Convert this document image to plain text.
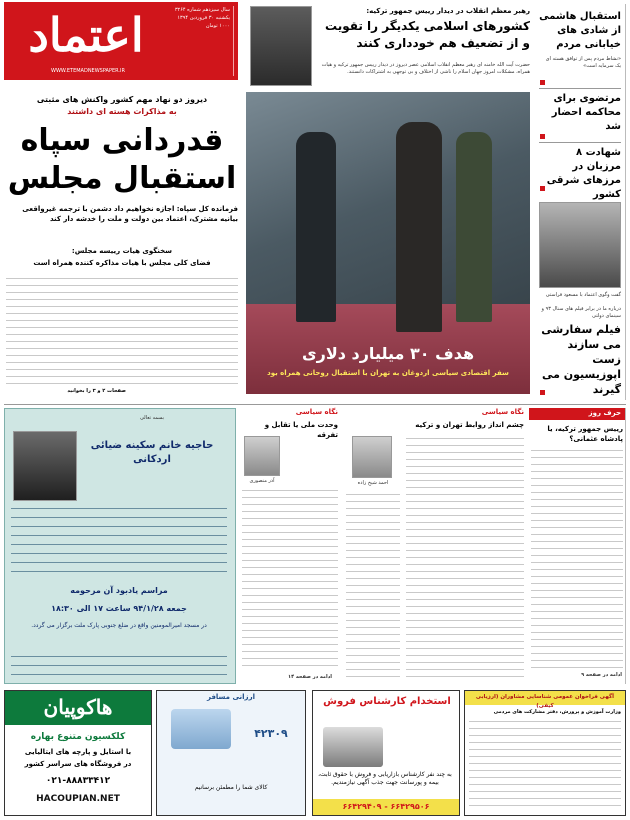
اعتماد	سال سیزدهم شماره ۳۲۶۴ یکشنبه ۳۰ فروردین ۱۳۹۴
۱۰۰۰ تومان
WWW.ETEMADNEWSPAPER.IR
رهبر معظم انقلاب در دیدار رییس جمهور ترکیه:
کشورهای اسلامی یکدیگر را تقویت و از تضعیف هم خودداری کنند
حضرت آیت الله خامنه ای رهبر معظم انقلاب اسلامی عصر دیروز در دیدار رییس جمهور ترکیه و هیات همراه، مشکلات امروز جهان اسلام را ناشی از اختلاف و بی توجهی به اشتراکات دانستند.
استقبال هاشمی از شادی های خیابانی مردم
«نشاط مردم پس از توافق هسته ای یک سرمایه است»
مرتضوی برای محاکمه احضار شد
شهادت ۸ مرزبان در مرزهای شرقی کشور
گفت وگوی اعتماد با مسعود فراستی
درباره ما در برابر فیلم های سنال ۹۳ و سینمای دولتی
فیلم سفارشی می سازند زست اپوزیسیون می گیرند
دیروز دو نهاد مهم کشور واکنش های مثبتی
به مذاکرات هسته ای داشتند
قدردانی سپاه استقبال مجلس
فرمانده کل سپاه: اجازه نخواهیم داد دشمن با ترجمه غیرواقعی بیانیه مشترک، اعتماد بین دولت و ملت را خدشه دار کند
سخنگوی هیات رییسه مجلس:
فضای کلی مجلس با هیات مذاکره کننده همراه است
صفحات ۲ و ۳ را بخوانید
هدف ۳۰ میلیارد دلاری
سفر اقتصادی سیاسی اردوغان به تهران با استقبال روحانی همراه بود
بسمه تعالی
حاجیه خانم سکینه ضیائی اردکانی
مراسم یادبود آن مرحومه
جمعه ۹۴/۱/۲۸ ساعت ۱۷ الی ۱۸:۳۰
در مسجد امیرالمومنین واقع در ضلع جنوبی پارک ملت برگزار می گردد.
نگاه سیاسی
وحدت ملی یا تقابل و تفرقه
آذر منصوری
ادامه در صفحه ۱۴
نگاه سیاسی
چشم انداز روابط تهران و ترکیه
احمد شیخ زاده
حرف روز
رییس جمهور ترکیه، یا پادشاه عثمانی؟
ادامه در صفحه ۹
هاکوپیان
کلکسیون متنوع بهاره
با استایل و پارچه های ایتالیایی
در فروشگاه های سراسر کشور
۰۲۱-۸۸۸۳۳۴۱۲
HACOUPIAN.NET
ارزانی مسافر
۴۲۳۰۹
کالای شما را مطمئن برسانیم
استخدام کارشناس فروش
به چند نفر کارشناس بازاریابی و فروش با حقوق ثابت، بیمه و پورسانت جهت جذب آگهی نیازمندیم.
۶۶۴۲۹۵۰۶ - ۶۶۴۲۹۴۰۹
آگهی فراخوان عمومی شناسایی مشاوران (ارزیابی کیفی)
وزارت آموزش و پرورش، دفتر مشارکت های مردمی
